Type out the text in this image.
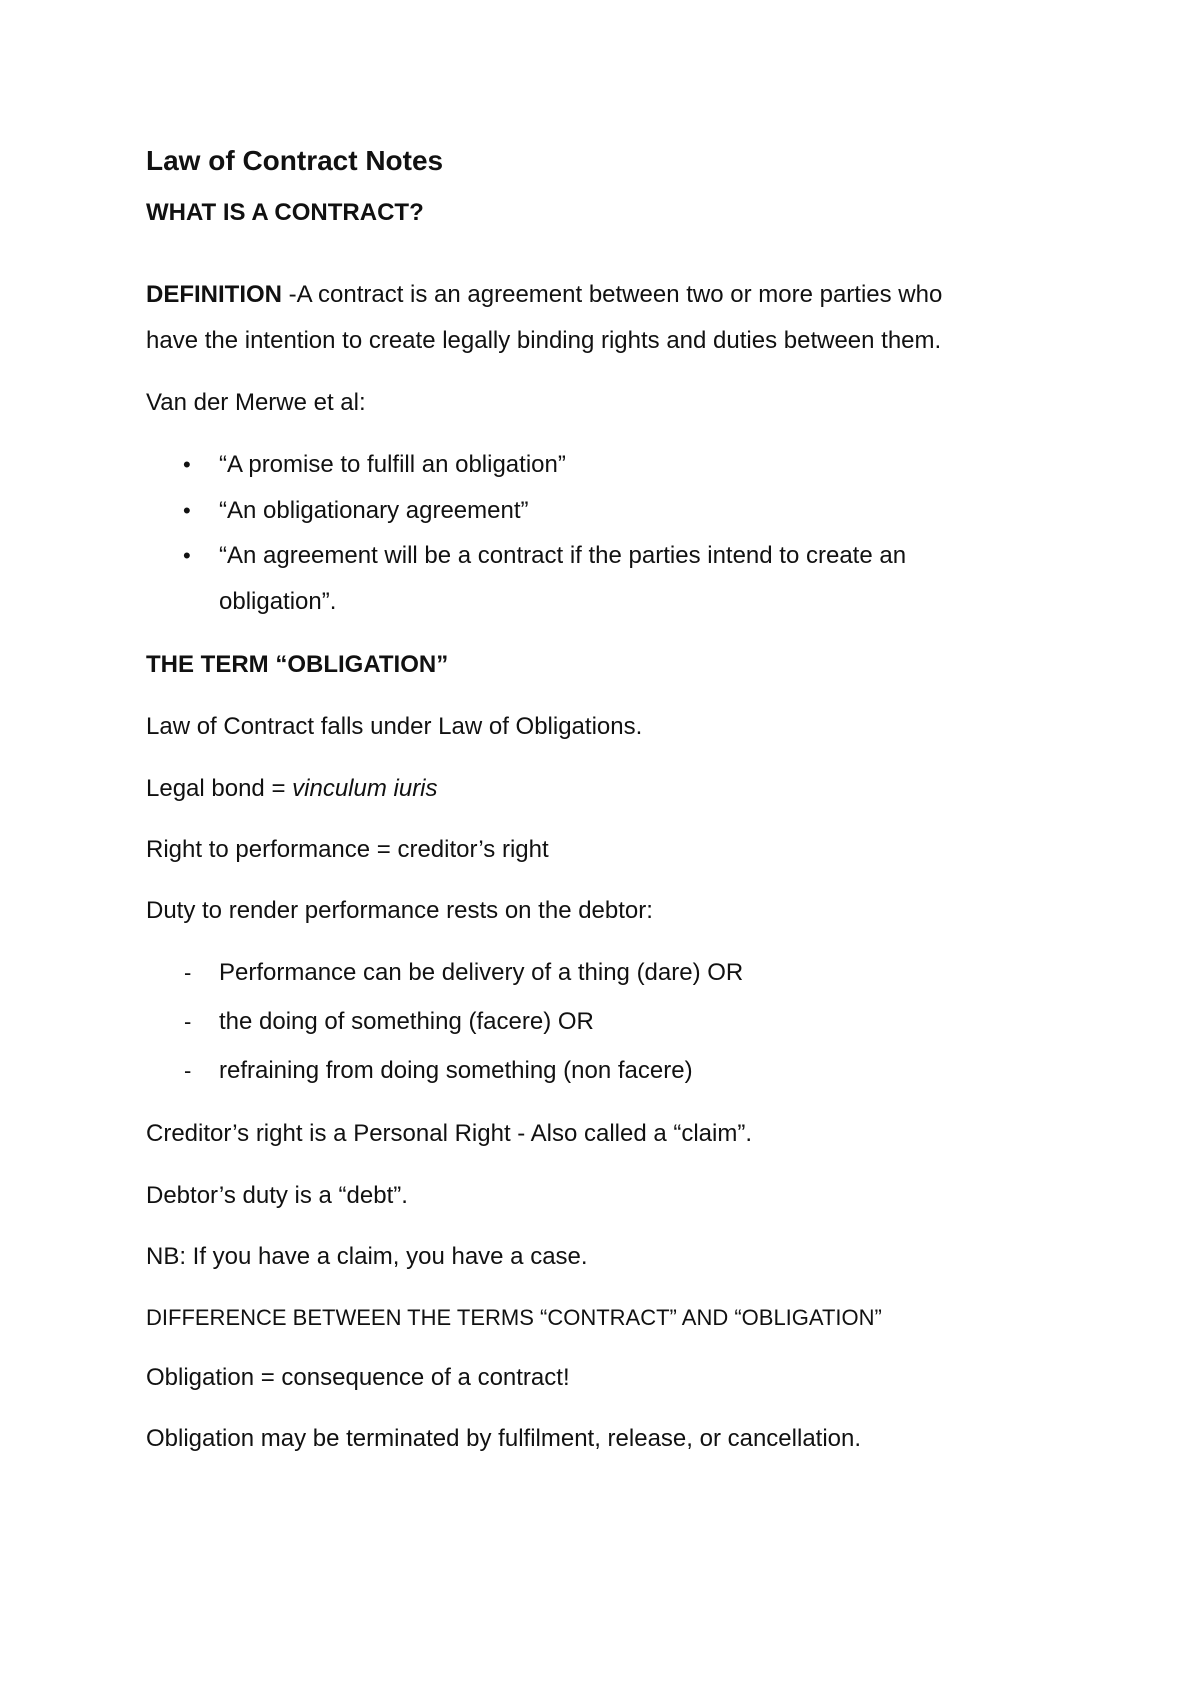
Law of Contract Notes
WHAT IS A CONTRACT?
DEFINITION -A contract is an agreement between two or more parties who
have the intention to create legally binding rights and duties between them.
Van der Merwe et al:
• “A promise to fulfill an obligation”
• “An obligationary agreement”
• “An agreement will be a contract if the parties intend to create an
obligation”.
THE TERM “OBLIGATION”
Law of Contract falls under Law of Obligations.
Legal bond = vinculum iuris
Right to performance = creditor’s right
Duty to render performance rests on the debtor:
- Performance can be delivery of a thing (dare) OR
- the doing of something (facere) OR
- refraining from doing something (non facere)
Creditor’s right is a Personal Right - Also called a “claim”.
Debtor’s duty is a “debt”.
NB: If you have a claim, you have a case.
DIFFERENCE BETWEEN THE TERMS “CONTRACT” AND “OBLIGATION”
Obligation = consequence of a contract!
Obligation may be terminated by fulfilment, release, or cancellation.
